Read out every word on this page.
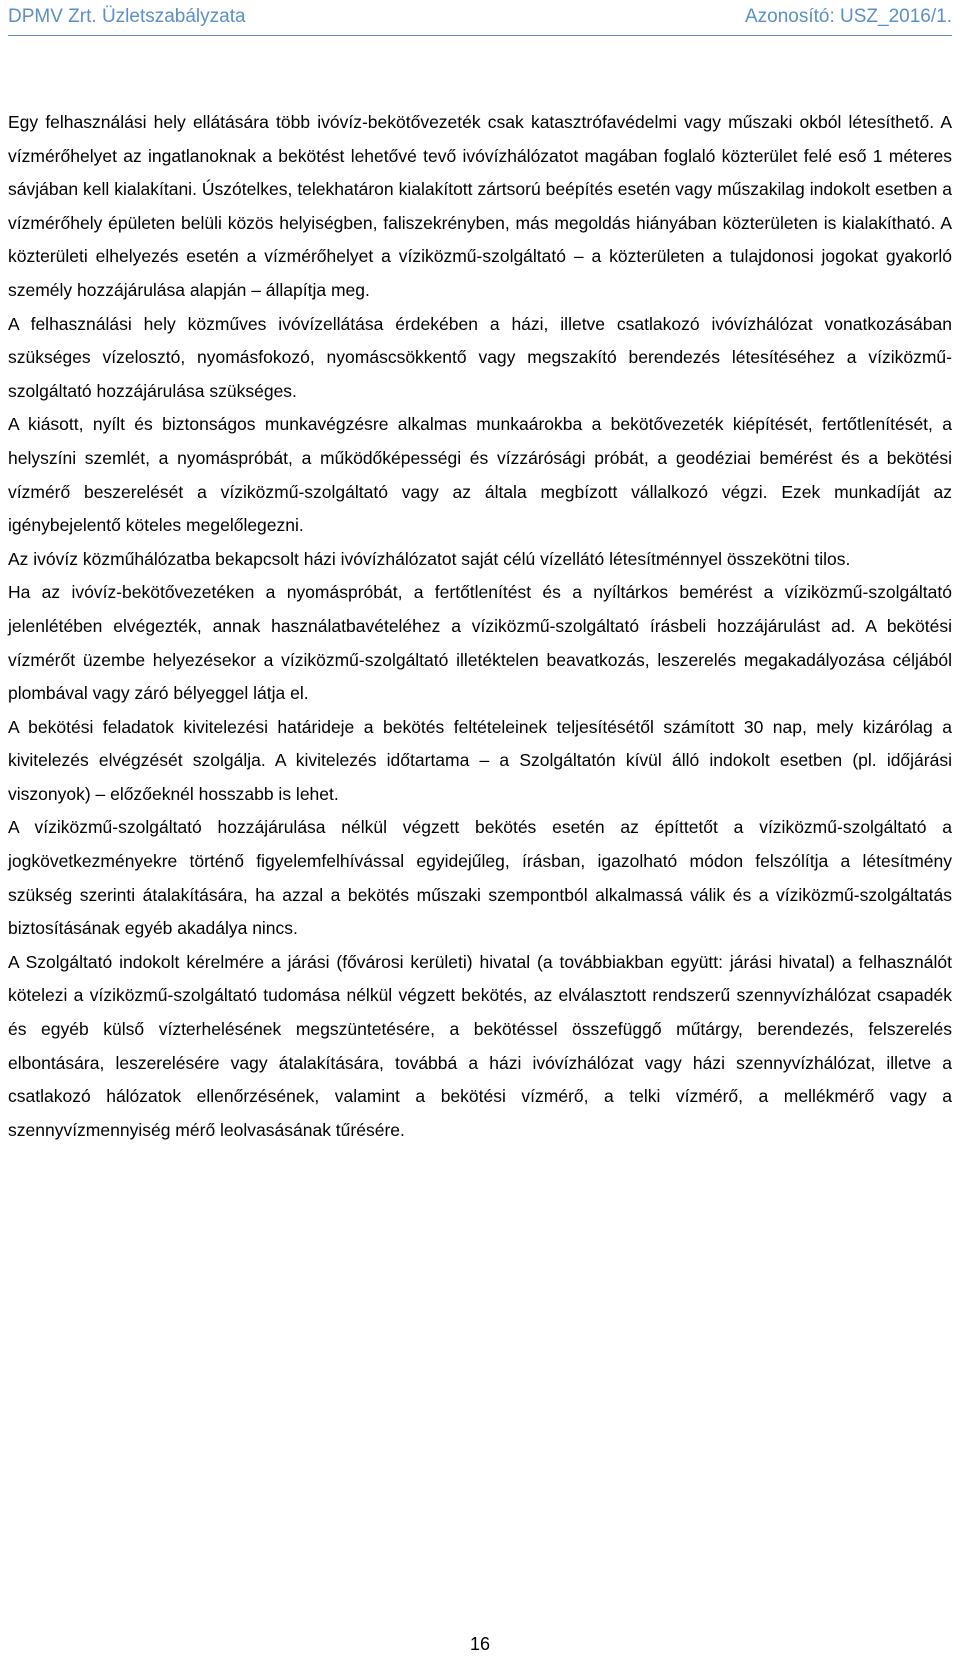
DPMV Zrt. Üzletszabályzata	Azonosító: USZ_2016/1.

Egy felhasználási hely ellátására több ivóvíz-bekötővezeték csak katasztrófavédelmi vagy műszaki okból létesíthető. A vízmérőhelyet az ingatlanoknak a bekötést lehetővé tevő ivóvízhálózatot magában foglaló közterület felé eső 1 méteres sávjában kell kialakítani. Úszótelkes, telekhatáron kialakított zártsorú beépítés esetén vagy műszakilag indokolt esetben a vízmérőhely épületen belüli közös helyiségben, faliszekrényben, más megoldás hiányában közterületen is kialakítható. A közterületi elhelyezés esetén a vízmérőhelyet a víziközmű-szolgáltató – a közterületen a tulajdonosi jogokat gyakorló személy hozzájárulása alapján – állapítja meg.

A felhasználási hely közműves ivóvízellátása érdekében a házi, illetve csatlakozó ivóvízhálózat vonatkozásában szükséges vízelosztó, nyomásfokozó, nyomáscsökkentő vagy megszakító berendezés létesítéséhez a víziközmű-szolgáltató hozzájárulása szükséges.

A kiásott, nyílt és biztonságos munkavégzésre alkalmas munkaárokba a bekötővezeték kiépítését, fertőtlenítését, a helyszíni szemlét, a nyomáspróbát, a működőképességi és vízzárósági próbát, a geodéziai bemérést és a bekötési vízmérő beszerelését a víziközmű-szolgáltató vagy az általa megbízott vállalkozó végzi. Ezek munkadíját az igénybejelentő köteles megelőlegezni.

Az ivóvíz közműhálózatba bekapcsolt házi ivóvízhálózatot saját célú vízellátó létesítménnyel összekötni tilos.

Ha az ivóvíz-bekötővezetéken a nyomáspróbát, a fertőtlenítést és a nyíltárkos bemérést a víziközmű-szolgáltató jelenlétében elvégezték, annak használatbavételéhez a víziközmű-szolgáltató írásbeli hozzájárulást ad. A bekötési vízmérőt üzembe helyezésekor a víziközmű-szolgáltató illetéktelen beavatkozás, leszerelés megakadályozása céljából plombával vagy záró bélyeggel látja el.

A bekötési feladatok kivitelezési határideje a bekötés feltételeinek teljesítésétől számított 30 nap, mely kizárólag a kivitelezés elvégzését szolgálja. A kivitelezés időtartama – a Szolgáltatón kívül álló indokolt esetben (pl. időjárási viszonyok) – előzőeknél hosszabb is lehet.

A víziközmű-szolgáltató hozzájárulása nélkül végzett bekötés esetén az építtetőt a víziközmű-szolgáltató a jogkövetkezményekre történő figyelemfelhívással egyidejűleg, írásban, igazolható módon felszólítja a létesítmény szükség szerinti átalakítására, ha azzal a bekötés műszaki szempontból alkalmassá válik és a víziközmű-szolgáltatás biztosításának egyéb akadálya nincs.

A Szolgáltató indokolt kérelmére a járási (fővárosi kerületi) hivatal (a továbbiakban együtt: járási hivatal) a felhasználót kötelezi a víziközmű-szolgáltató tudomása nélkül végzett bekötés, az elválasztott rendszerű szennyvízhálózat csapadék és egyéb külső vízterhelésének megszüntetésére, a bekötéssel összefüggő műtárgy, berendezés, felszerelés elbontására, leszerelésére vagy átalakítására, továbbá a házi ivóvízhálózat vagy házi szennyvízhálózat, illetve a csatlakozó hálózatok ellenőrzésének, valamint a bekötési vízmérő, a telki vízmérő, a mellékmérő vagy a szennyvízmennyiség mérő leolvasásának tűrésére.

16
